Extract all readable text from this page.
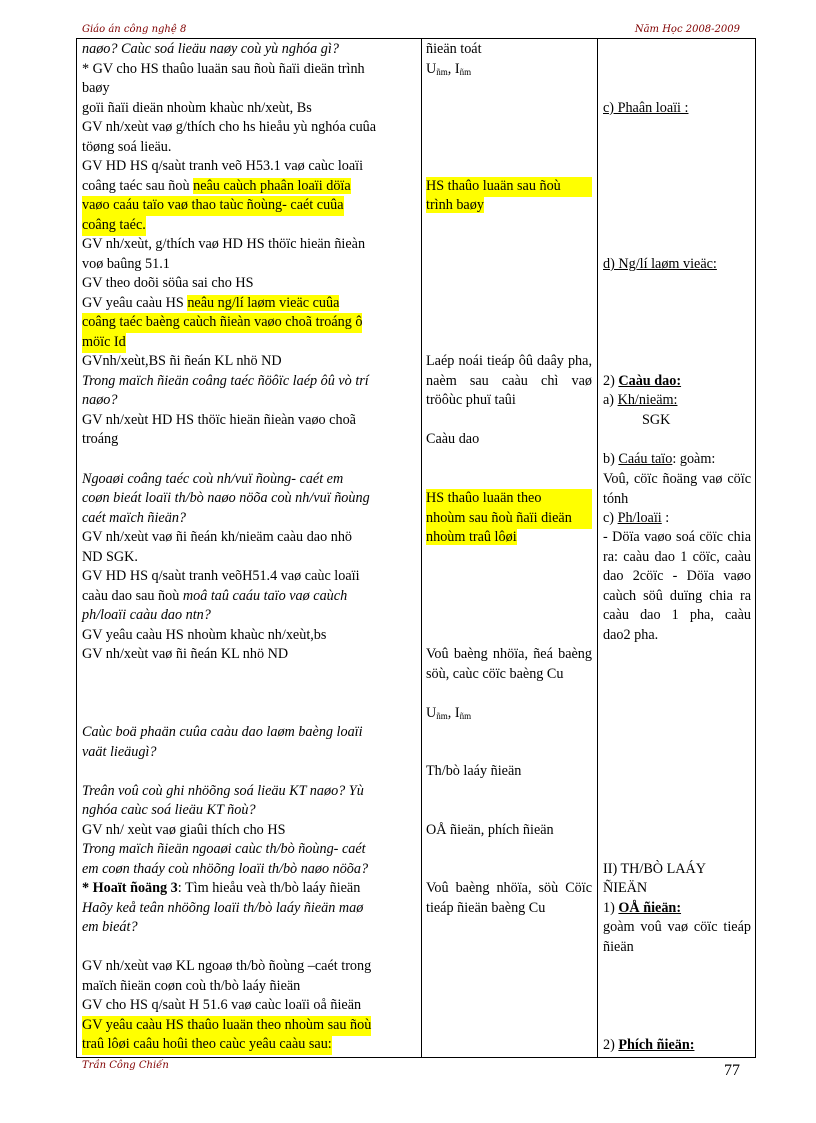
Giáo án công nghệ 8	Năm Học 2008-2009
naøo? Caùc soá lieäu naøy coù yù nghóa gì?
* GV cho HS thaûo luaän sau ñoù ñaïi dieän trình
baøy
goïi ñaïi dieän nhoùm khaùc nh/xeùt, Bs
GV nh/xeùt vaø g/thích cho hs hieåu yù nghóa cuûa
töøng soá lieäu.
GV HD HS q/saùt tranh veõ H53.1 vaø caùc loaïi
coâng taéc sau ñoù neâu caùch phaân loaïi döïa
vaøo caáu taïo vaø thao taùc ñoùng- caét cuûa
coâng taéc.
GV nh/xeùt, g/thích vaø HD HS thöïc hieän ñieàn
voø baûng 51.1
GV theo doõi söûa sai cho HS
GV yeâu caàu HS neâu ng/lí laøm vieäc cuûa
coâng taéc baèng caùch ñieàn vaøo choã troáng ô
möïc Id
GVnh/xeùt,BS ñi ñeán KL nhö ND
Trong maïch ñieän coâng taéc ñöôïc laép ôû vò trí
naøo?
GV nh/xeùt HD HS thöïc hieän ñieàn vaøo choã
troáng
Ngoaøi coâng taéc coù nh/vuï ñoùng- caét em
coøn bieát loaïi th/bò naøo nöõa coù nh/vuï ñoùng
caét maïch ñieän?
GV nh/xeùt vaø ñi ñeán kh/nieäm caàu dao nhö
ND SGK.
GV HD HS q/saùt tranh veõH51.4 vaø caùc loaïi
caàu dao sau ñoù moâ taû caáu taïo vaø caùch
ph/loaïi caàu dao ntn?
GV yeâu caàu HS nhoùm khaùc nh/xeùt,bs
GV nh/xeùt vaø ñi ñeán KL nhö ND
Caùc boä phaän cuûa caàu dao laøm baèng loaïi
vaät lieäugì?
Treân voû coù ghi nhöõng soá lieäu KT naøo? Yù
nghóa caùc soá lieäu KT ñoù?
GV nh/ xeùt vaø giaûi thích cho HS
Trong maïch ñieän ngoaøi caùc th/bò ñoùng- caét
em coøn thaáy coù nhöõng loaïi th/bò naøo nöõa?
* Hoaït ñoäng 3: Tìm hieåu veà th/bò laáy ñieän
Haõy keå teân nhöõng loaïi th/bò laáy ñieän maø
em bieát?
GV nh/xeùt vaø KL ngoaø th/bò ñoùng –caét trong
maïch ñieän coøn coù th/bò laáy ñieän
GV cho HS q/saùt H 51.6 vaø caùc loaïi oå ñieän
GV yeâu caàu HS thaûo luaän theo nhoùm sau ñoù
traû lôøi caâu hoûi theo caùc yeâu caàu sau:
ñieän toát
$U_{ñm}$, $I_{ñm}$
HS thaûo luaän sau ñoù
trình baøy
Laép noái tieáp ôû daây pha, naèm sau caàu chì vaø tröôùc phuï taûi
Caàu dao
HS thaûo luaän theo
nhoùm sau ñoù ñaïi dieän
nhoùm traû lôøi
Voû baèng nhöïa, ñeá baèng söù, caùc cöïc baèng Cu
$U_{ñm}$, $I_{ñm}$
Th/bò laáy ñieän
OÅ ñieän, phích ñieän
Voû baèng nhöïa, söù Cöïc tieáp ñieän baèng Cu
c) Phaân loaïi :
d) Ng/lí laøm vieäc:
2) Caàu dao:
a) Kh/nieäm:
SGK
b) Caáu taïo: goàm:
Voû, cöïc ñoäng vaø cöïc tónh
c) Ph/loaïi :
- Döïa vaøo soá cöïc chia ra: caàu dao 1 cöïc, caàu dao 2cöïc - Döïa vaøo caùch söû duïng chia ra caàu dao 1 pha, caàu dao2 pha.
II) TH/BÒ LAÁY
ÑIEÄN
1) OÅ ñieän:
goàm voû vaø cöïc tieáp ñieän
2) Phích ñieän:
Trần Công Chiến	77
